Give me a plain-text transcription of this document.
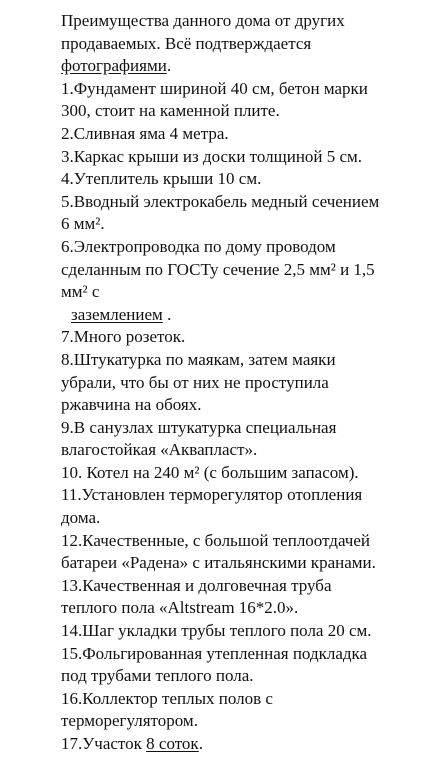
Преимущества данного дома от других
продаваемых. Всё подтверждается
фотографиями.
1.Фундамент шириной 40 см, бетон марки
300, стоит на каменной плите.
2.Сливная яма 4 метра.
3.Каркас крыши из доски толщиной 5 см.
4.Утеплитель крыши 10 см.
5.Вводный электрокабель медный сечением
6 мм².
6.Электропроводка по дому проводом
сделанным по ГОСТу сечение 2,5 мм² и 1,5
мм² с
заземлением .
7.Много розеток.
8.Штукатурка по маякам, затем маяки
убрали, что бы от них не проступила
ржавчина на обоях.
9.В санузлах штукатурка специальная
влагостойкая «Аквапласт».
10. Котел на 240 м² (с большим запасом).
11.Установлен терморегулятор отопления
дома.
12.Качественные, с большой теплоотдачей
батареи «Радена» с итальянскими кранами.
13.Качественная и долговечная труба
теплого пола «Altstream 16*2.0».
14.Шаг укладки трубы теплого пола 20 см.
15.Фольгированная утепленная подкладка
под трубами теплого пола.
16.Коллектор теплых полов с
терморегулятором.
17.Участок 8 соток.
